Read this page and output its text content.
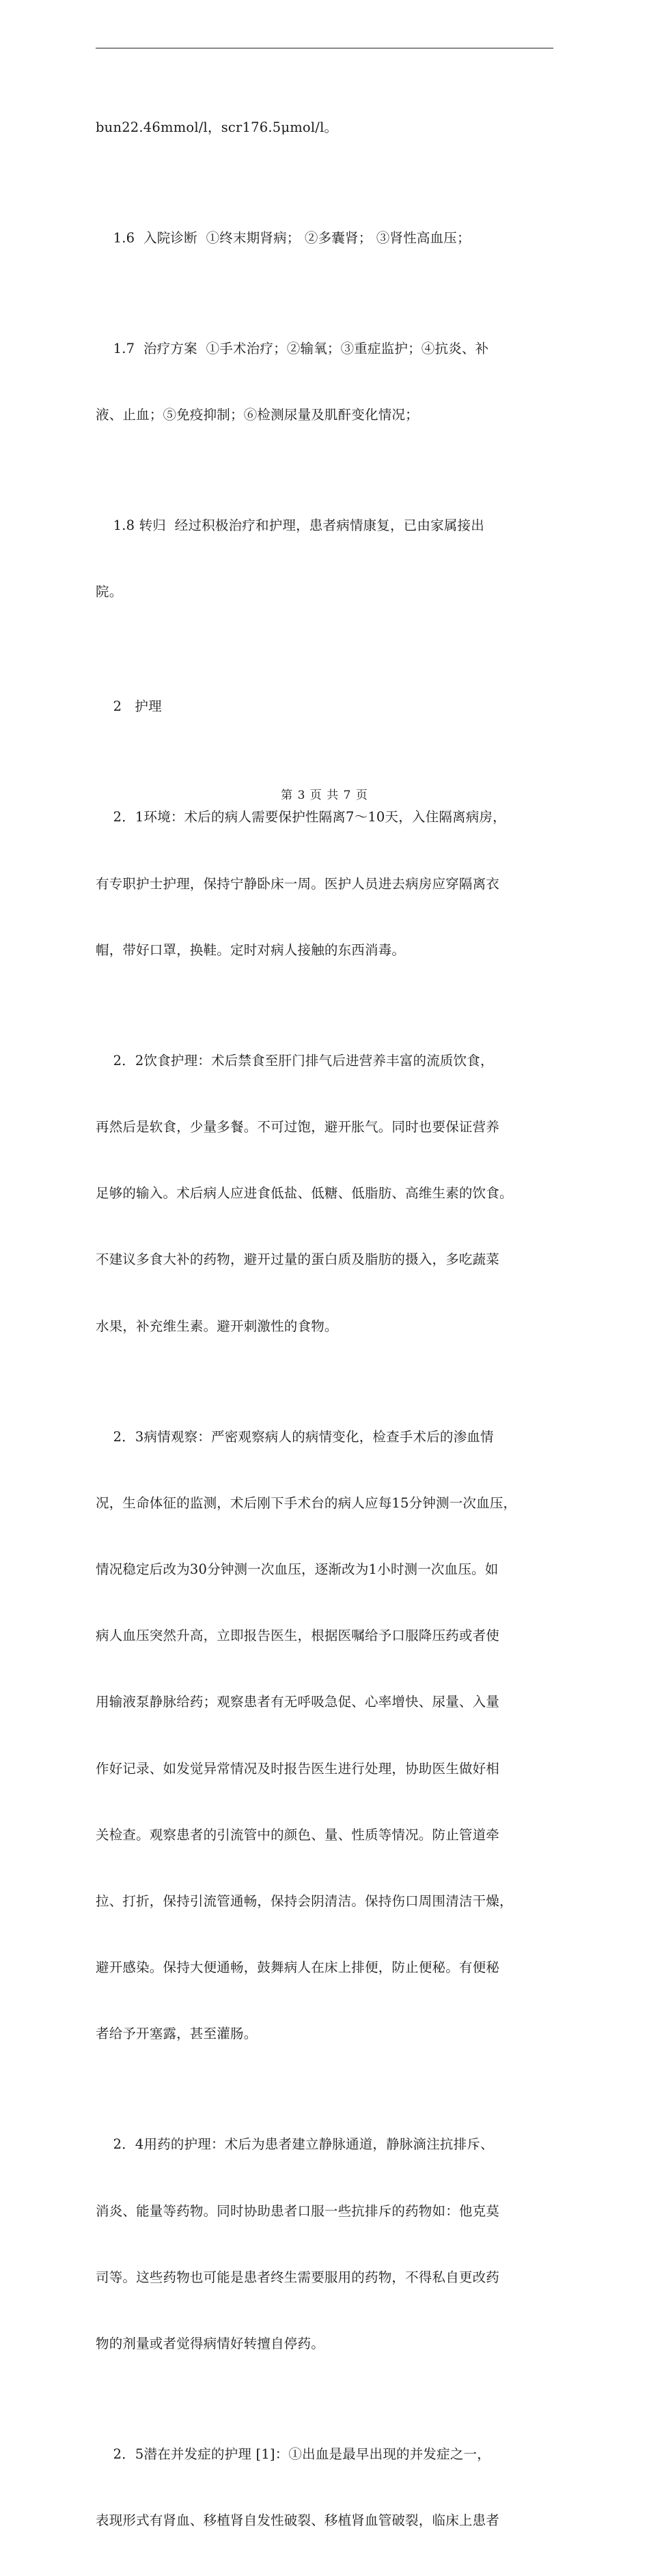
bun22.46mmol/l，scr176.5μmol/l。

1.6  入院诊断  ①终末期肾病； ②多囊肾； ③肾性高血压；

1.7  治疗方案  ①手术治疗；②输氧；③重症监护；④抗炎、补

液、止血；⑤免疫抑制；⑥检测尿量及肌酐变化情况；

1.8 转归  经过积极治疗和护理，患者病情康复，已由家属接出

院。

2   护理

2．1环境：术后的病人需要保护性隔离7～10天，入住隔离病房，

有专职护士护理，保持宁静卧床一周。医护人员进去病房应穿隔离衣

帽，带好口罩，换鞋。定时对病人接触的东西消毒。

2．2饮食护理：术后禁食至肝门排气后进营养丰富的流质饮食，

再然后是软食，少量多餐。不可过饱，避开胀气。同时也要保证营养

足够的输入。术后病人应进食低盐、低糖、低脂肪、高维生素的饮食。

不建议多食大补的药物，避开过量的蛋白质及脂肪的摄入，多吃蔬菜

水果，补充维生素。避开刺激性的食物。

2．3病情观察：严密观察病人的病情变化，检查手术后的渗血情

况，生命体征的监测，术后刚下手术台的病人应每15分钟测一次血压，

情况稳定后改为30分钟测一次血压，逐渐改为1小时测一次血压。如

病人血压突然升高，立即报告医生，根据医嘱给予口服降压药或者使

用输液泵静脉给药；观察患者有无呼吸急促、心率增快、尿量、入量

作好记录、如发觉异常情况及时报告医生进行处理，协助医生做好相

关检查。观察患者的引流管中的颜色、量、性质等情况。防止管道牵

拉、打折，保持引流管通畅，保持会阴清洁。保持伤口周围清洁干燥，

避开感染。保持大便通畅，鼓舞病人在床上排便，防止便秘。有便秘

者给予开塞露，甚至灌肠。

2．4用药的护理：术后为患者建立静脉通道，静脉滴注抗排斥、

消炎、能量等药物。同时协助患者口服一些抗排斥的药物如：他克莫

司等。这些药物也可能是患者终生需要服用的药物，不得私自更改药

物的剂量或者觉得病情好转擅自停药。

2．5潜在并发症的护理 [1]：①出血是最早出现的并发症之一，

表现形式有肾血、移植肾自发性破裂、移植肾血管破裂，临床上患者

第 3 页 共 7 页
